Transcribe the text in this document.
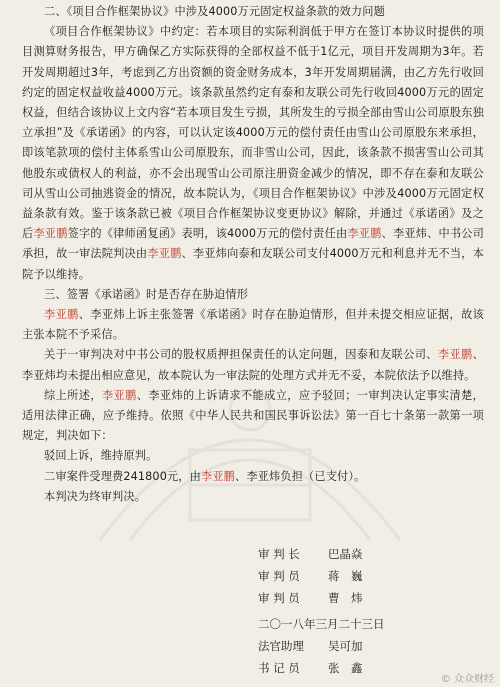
二、《项目合作框架协议》中涉及4000万元固定权益条款的效力问题

《项目合作框架协议》中约定：若本项目的实际利润低于甲方在签订本协议时提供的项目测算财务报告，甲方确保乙方实际获得的全部权益不低于1亿元，项目开发周期为3年。若开发周期超过3年，考虑到乙方出资额的资金财务成本，3年开发周期届满，由乙方先行收回约定的固定权益收益4000万元。该条款虽然约定有泰和友联公司先行收回4000万元的固定权益，但结合该协议上文内容“若本项目发生亏损，其所发生的亏损全部由雪山公司原股东独立承担”及《承诺函》的内容，可以认定该4000万元的偿付责任由雪山公司原股东来承担，即该笔款项的偿付主体系雪山公司原股东，而非雪山公司，因此，该条款不损害雪山公司其他股东或债权人的利益，亦不会出现雪山公司原注册资金减少的情况，即不存在泰和友联公司从雪山公司抽逃资金的情况，故本院认为，《项目合作框架协议》中涉及4000万元固定权益条款有效。鉴于该条款已被《项目合作框架协议变更协议》解除，并通过《承诺函》及之后李亚鹏签字的《律师函复函》表明，该4000万元的偿付责任由李亚鹏、李亚炜、中书公司承担，故一审法院判决由李亚鹏、李亚炜向泰和友联公司支付4000万元和利息并无不当，本院予以维持。

三、签署《承诺函》时是否存在胁迫情形

李亚鹏、李亚炜上诉主张签署《承诺函》时存在胁迫情形，但并未提交相应证据，故该主张本院不予采信。

关于一审判决对中书公司的股权质押担保责任的认定问题，因泰和友联公司、李亚鹏、李亚炜均未提出相应意见，故本院认为一审法院的处理方式并无不妥，本院依法予以维持。

综上所述，李亚鹏、李亚炜的上诉请求不能成立，应予驳回；一审判决认定事实清楚，适用法律正确，应予维持。依照《中华人民共和国民事诉讼法》第一百七十条第一款第一项规定，判决如下：

驳回上诉，维持原判。

二审案件受理费241800元，由李亚鹏、李亚炜负担（已支付）。

本判决为终审判决。

审 判 长 巴晶焱
审 判 员 蒋　巍
审 判 员 曹　炜
二〇一八年三月二十三日
法官助理 吴可加
书 记 员 张　鑫
© 众众财经
